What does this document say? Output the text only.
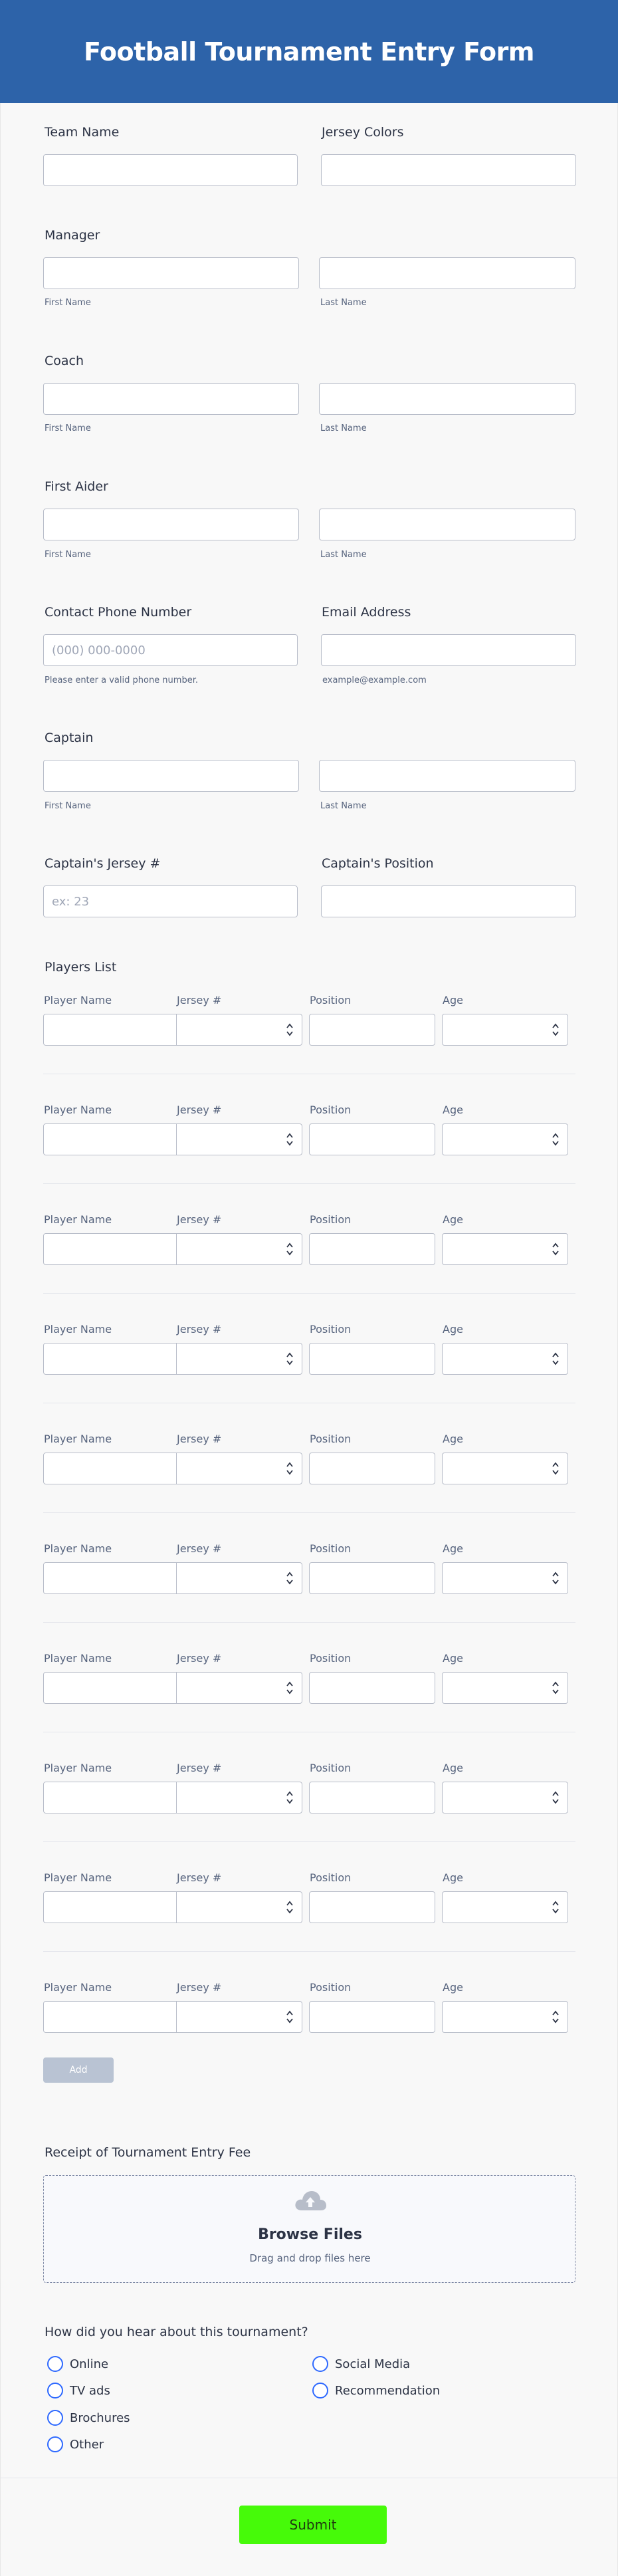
Football Tournament Entry Form
Team Name	Jersey Colors
Manager
First Name	Last Name
Coach
First Name	Last Name
First Aider
First Name	Last Name
Contact Phone Number
(000) 000-0000
Please enter a valid phone number.
Email Address
example@example.com
Captain
First Name	Last Name
Captain's Jersey #
ex: 23	Captain's Position
Players List
Player Name	Jersey #	Position	Age
Player Name	Jersey #	Position	Age
Player Name	Jersey #	Position	Age
Player Name	Jersey #	Position	Age
Player Name	Jersey #	Position	Age
Player Name	Jersey #	Position	Age
Player Name	Jersey #	Position	Age
Player Name	Jersey #	Position	Age
Player Name	Jersey #	Position	Age
Player Name	Jersey #	Position	Age
Add
Receipt of Tournament Entry Fee
Browse Files
Drag and drop files here
How did you hear about this tournament?
Online	Social Media
TV ads	Recommendation
Brochures
Other
Submit
